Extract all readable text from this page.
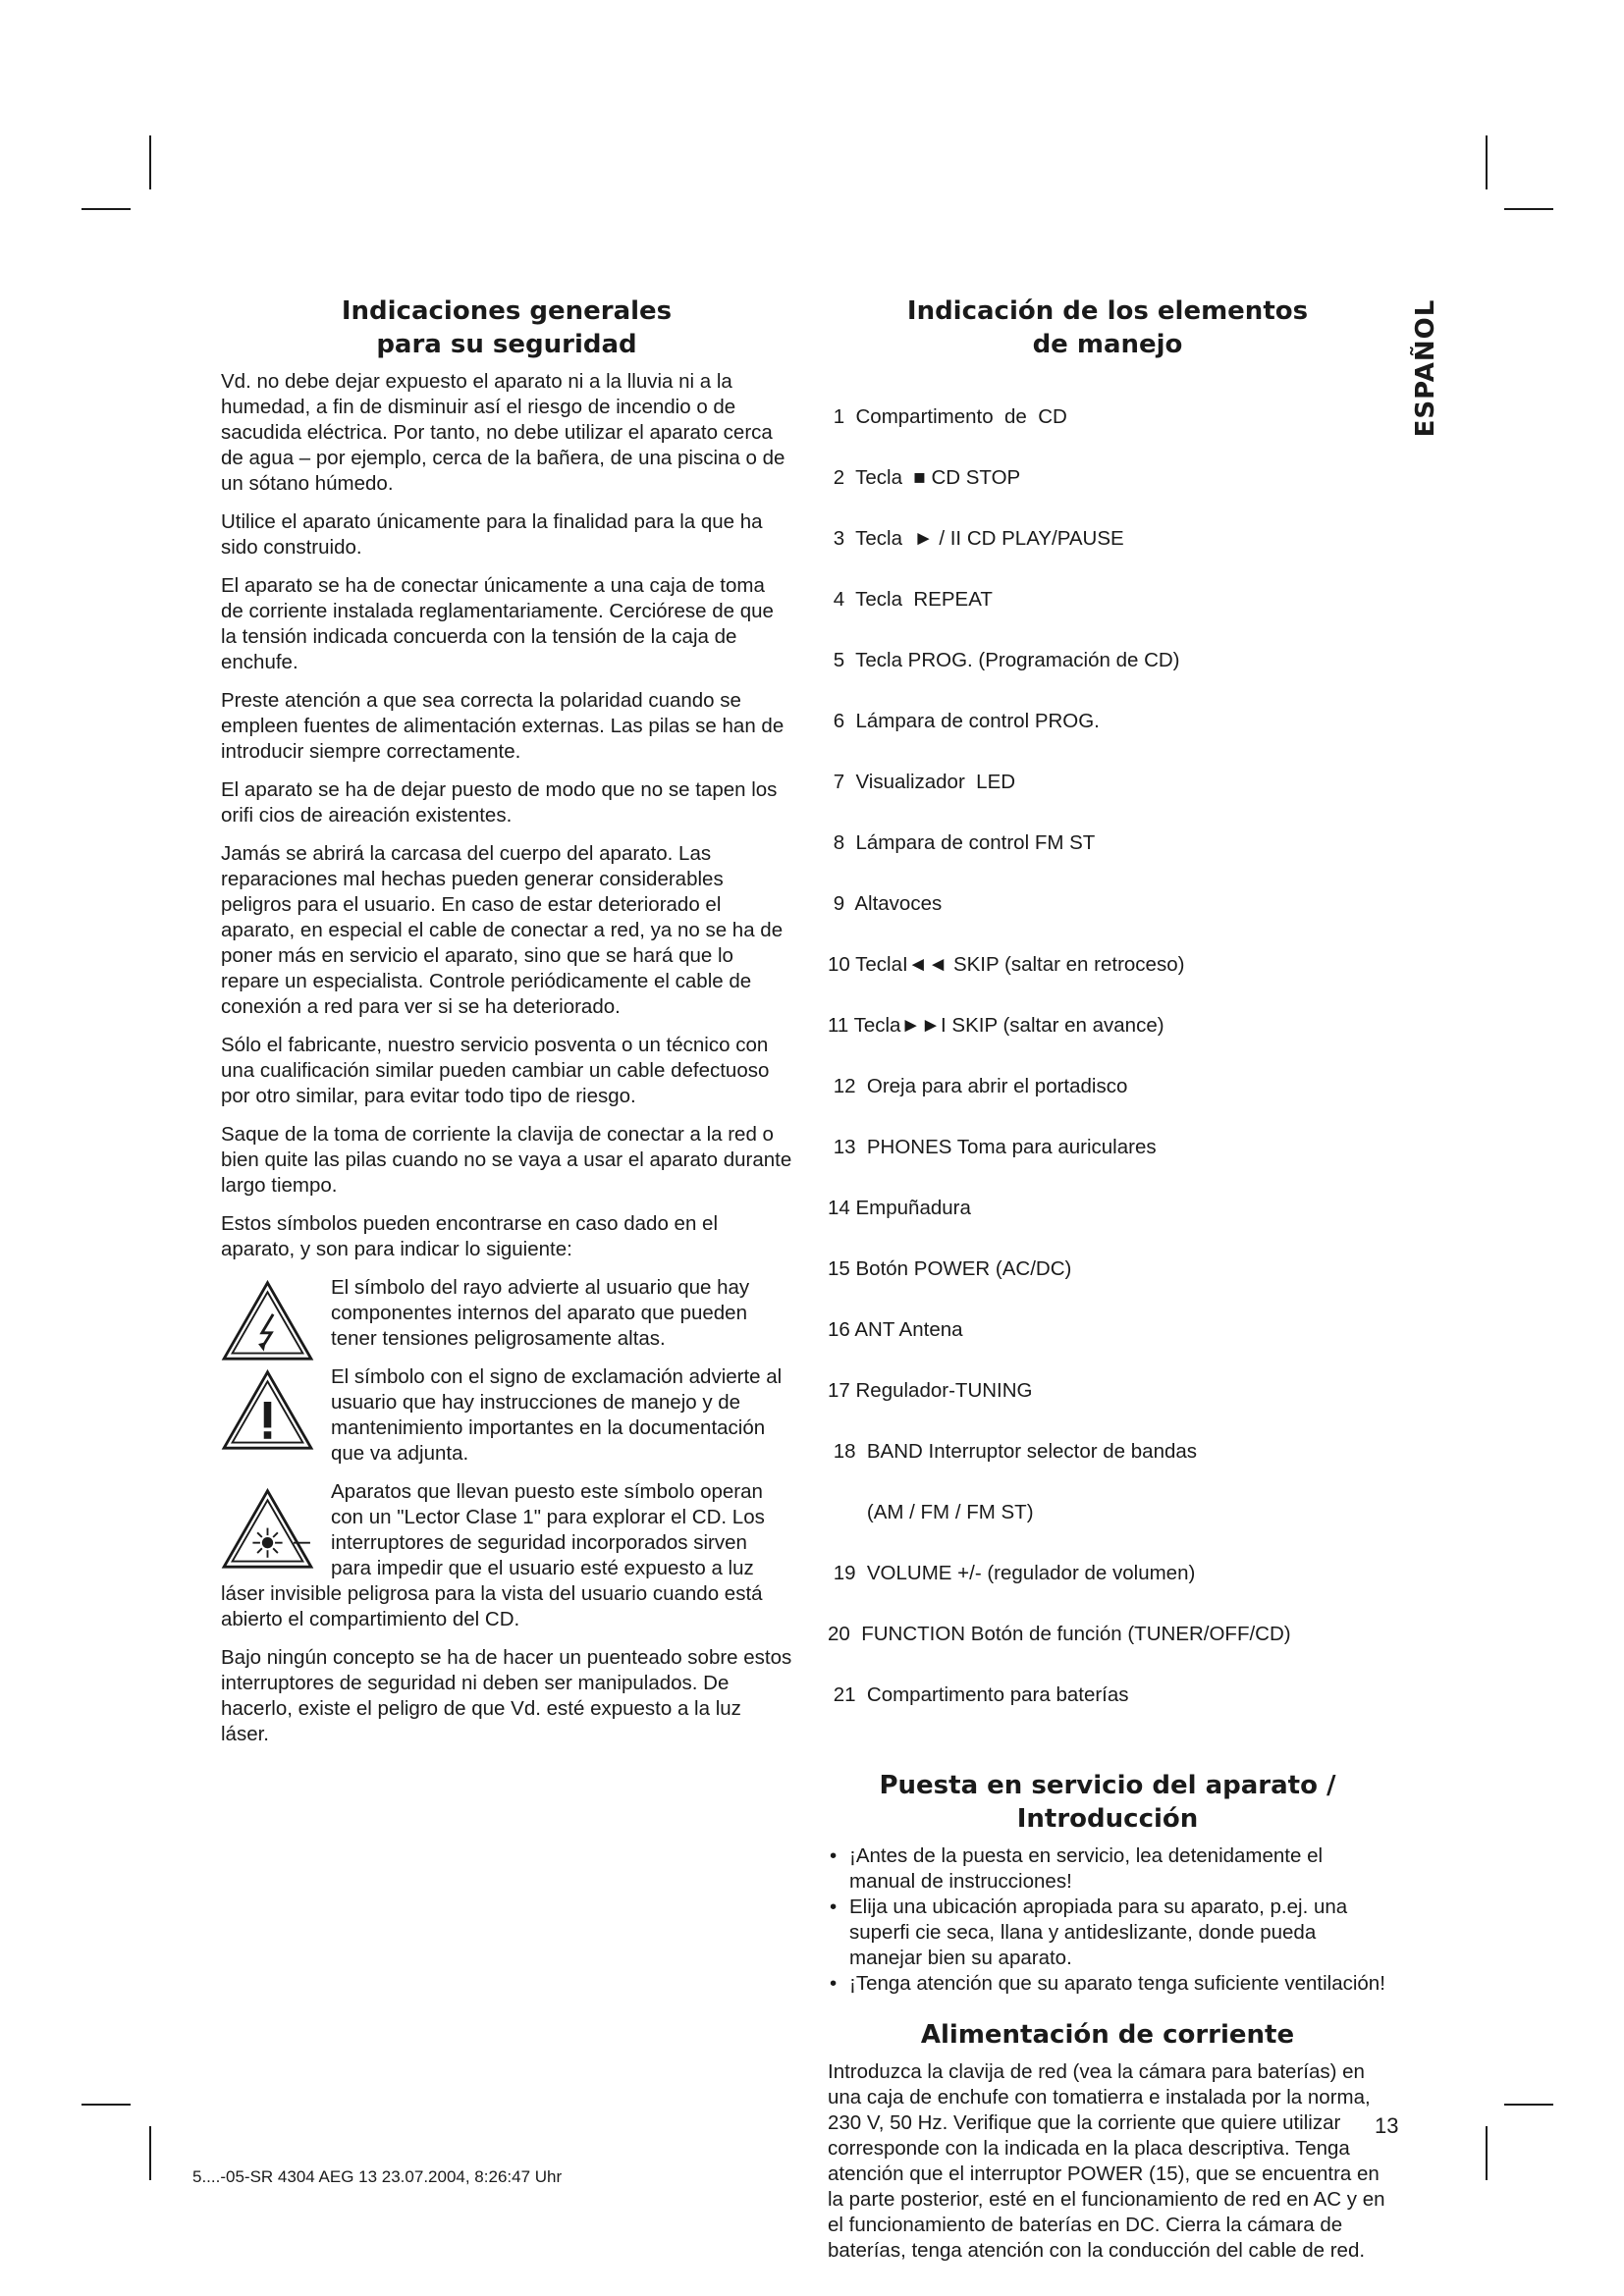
ESPAÑOL
Indicaciones generales
para su seguridad

Vd. no debe dejar expuesto el aparato ni a la lluvia ni a la humedad, a fin de disminuir así el riesgo de incendio o de sacudida eléctrica. Por tanto, no debe utilizar el aparato cerca de agua – por ejemplo, cerca de la bañera, de una piscina o de un sótano húmedo.

Utilice el aparato únicamente para la finalidad para la que ha sido construido.

El aparato se ha de conectar únicamente a una caja de toma de corriente instalada reglamentariamente. Cerciórese de que la tensión indicada concuerda con la tensión de la caja de enchufe.

Preste atención a que sea correcta la polaridad cuando se empleen fuentes de alimentación externas. Las pilas se han de introducir siempre correctamente.

El aparato se ha de dejar puesto de modo que no se tapen los orifi cios de aireación existentes.

Jamás se abrirá la carcasa del cuerpo del aparato. Las reparaciones mal hechas pueden generar considerables peligros para el usuario. En caso de estar deteriorado el aparato, en especial el cable de conectar a red, ya no se ha de poner más en servicio el aparato, sino que se hará que lo repare un especialista. Controle periódicamente el cable de conexión a red para ver si se ha deteriorado.

Sólo el fabricante, nuestro servicio posventa o un técnico con una cualificación similar pueden cambiar un cable defectuoso por otro similar, para evitar todo tipo de riesgo.

Saque de la toma de corriente la clavija de conectar a la red o bien quite las pilas cuando no se vaya a usar el aparato durante largo tiempo.

Estos símbolos pueden encontrarse en caso dado en el aparato, y son para indicar lo siguiente:

El símbolo del rayo advierte al usuario que hay componentes internos del aparato que pueden tener tensiones peligrosamente altas.

El símbolo con el signo de exclamación advierte al usuario que hay instrucciones de manejo y de mantenimiento importantes en la documentación que va adjunta.

Aparatos que llevan puesto este símbolo operan con un "Lector Clase 1" para explorar el CD. Los interruptores de seguridad incorporados sirven para impedir que el usuario esté expuesto a luz láser invisible peligrosa para la vista del usuario cuando está abierto el compartimiento del CD.

Bajo ningún concepto se ha de hacer un puenteado sobre estos interruptores de seguridad ni deben ser manipulados. De hacerlo, existe el peligro de que Vd. esté expuesto a la luz láser.

Indicación de los elementos
de manejo

1  Compartimento  de  CD

2  Tecla  ■ CD STOP

3  Tecla  ► / II CD PLAY/PAUSE

4  Tecla  REPEAT

5  Tecla PROG. (Programación de CD)

6  Lámpara de control PROG.

7  Visualizador  LED

8  Lámpara de control FM ST

9  Altavoces

10 TeclaI◄◄ SKIP (saltar en retroceso)

11 Tecla►►I SKIP (saltar en avance)

12  Oreja para abrir el portadisco

13  PHONES Toma para auriculares

14 Empuñadura

15 Botón POWER (AC/DC)

16 ANT Antena

17 Regulador-TUNING

18  BAND Interruptor selector de bandas

(AM / FM / FM ST)

19  VOLUME +/- (regulador de volumen)

20  FUNCTION Botón de función (TUNER/OFF/CD)

21  Compartimento para baterías

Puesta en servicio del aparato /
Introducción
• ¡Antes de la puesta en servicio, lea detenidamente el manual de instrucciones!
• Elija una ubicación apropiada para su aparato, p.ej. una superfi cie seca, llana y antideslizante, donde pueda manejar bien su aparato.
• ¡Tenga atención que su aparato tenga suficiente ventilación!
Alimentación de corriente

Introduzca la clavija de red (vea la cámara para baterías) en una caja de enchufe con tomatierra e instalada por la norma, 230 V, 50 Hz. Verifique que la corriente que quiere utilizar corresponde con la indicada en la placa descriptiva. Tenga atención que el interruptor POWER (15), que se encuentra en la parte posterior, esté en el funcionamiento de red en AC y en el funcionamiento de baterías en DC. Cierra la cámara de baterías, tenga atención con la conducción del cable de red.

13
5....-05-SR 4304 AEG 13 23.07.2004, 8:26:47 Uhr
